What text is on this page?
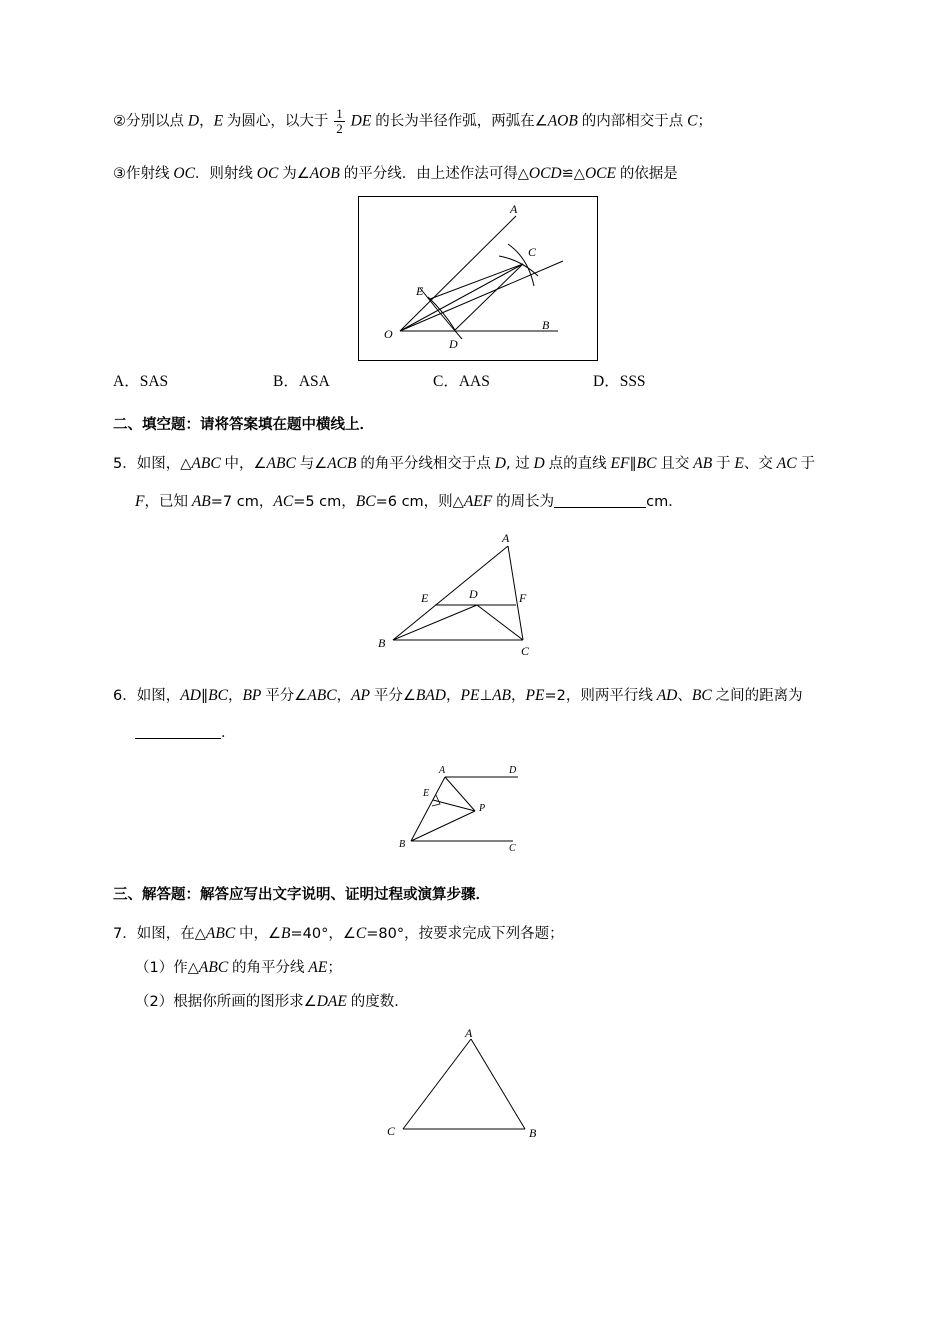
②分别以点 D，E 为圆心，以大于 $\frac{1}{2}$ DE 的长为半径作弧，两弧在∠AOB 的内部相交于点 C；
③作射线 OC．则射线 OC 为∠AOB 的平分线．由上述作法可得△OCD≌△OCE 的依据是
A
C
E
O
D
B
A．SAS	B．ASA	C．AAS	D．SSS
二、填空题：请将答案填在题中横线上．
5．如图，△ABC 中，∠ABC 与∠ACB 的角平分线相交于点 D, 过 D 点的直线 EF∥BC 且交 AB 于 E、交 AC 于
F，已知 AB=7 cm，AC=5 cm，BC=6 cm，则△AEF 的周长为	cm．
A
E	D	F
B
C
6．如图，AD∥BC，BP 平分∠ABC，AP 平分∠BAD，PE⊥AB，PE=2，则两平行线 AD、BC 之间的距离为
．
A	D
E
P
B	C
三、解答题：解答应写出文字说明、证明过程或演算步骤．
7．如图，在△ABC 中，∠B=40°，∠C=80°，按要求完成下列各题；
（1）作△ABC 的角平分线 AE；
（2）根据你所画的图形求∠DAE 的度数．
A
C	B
